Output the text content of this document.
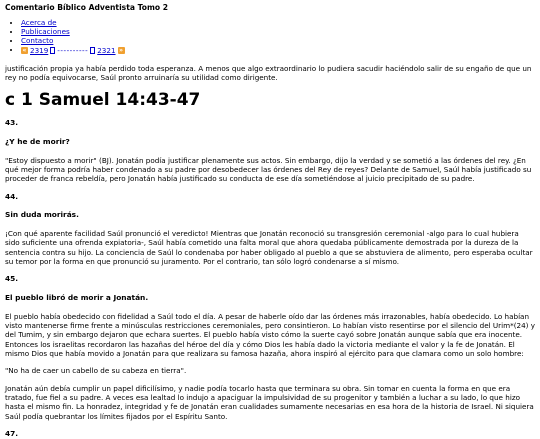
Comentario Bíblico Adventista Tomo 2
• Acerca de
• Publicaciones
• Contacto
• « 2319 ---------- 2321 »

justificación propia ya había perdido toda esperanza. A menos que algo extraordinario lo pudiera sacudir haciéndolo salir de su engaño de que un rey no podía equivocarse, Saúl pronto arruinaría su utilidad como dirigente.

c 1 Samuel 14:43-47
43.
¿Y he de morir?

"Estoy dispuesto a morir" (BJ). Jonatán podía justificar plenamente sus actos. Sin embargo, dijo la verdad y se sometió a las órdenes del rey. ¿En qué mejor forma podría haber condenado a su padre por desobedecer las órdenes del Rey de reyes? Delante de Samuel, Saúl había justificado su proceder de franca rebeldía, pero Jonatán había justificado su conducta de ese día sometiéndose al juicio precipitado de su padre.

44.
Sin duda morirás.

¡Con qué aparente facilidad Saúl pronunció el veredicto! Mientras que Jonatán reconoció su transgresión ceremonial -algo para lo cual hubiera sido suficiente una ofrenda expiatoria-, Saúl había cometido una falta moral que ahora quedaba públicamente demostrada por la dureza de la sentencia contra su hijo. La conciencia de Saúl lo condenaba por haber obligado al pueblo a que se abstuviera de alimento, pero esperaba ocultar su temor por la forma en que pronunció su juramento. Por el contrario, tan sólo logró condenarse a sí mismo.

45.
El pueblo libró de morir a Jonatán.

El pueblo había obedecido con fidelidad a Saúl todo el día. A pesar de haberle oído dar las órdenes más irrazonables, había obedecido. Lo habían visto mantenerse firme frente a minúsculas restricciones ceremoniales, pero consintieron. Lo habían visto resentirse por el silencio del Urim*(24) y del Tumim, y sin embargo dejaron que echara suertes. El pueblo había visto cómo la suerte cayó sobre Jonatán aunque sabía que era inocente. Entonces los israelitas recordaron las hazañas del héroe del día y cómo Dios les había dado la victoria mediante el valor y la fe de Jonatán. El mismo Dios que había movido a Jonatán para que realizara su famosa hazaña, ahora inspiró al ejército para que clamara como un solo hombre:

"No ha de caer un cabello de su cabeza en tierra".

Jonatán aún debía cumplir un papel dificilísimo, y nadie podía tocarlo hasta que terminara su obra. Sin tomar en cuenta la forma en que era tratado, fue fiel a su padre. A veces esa lealtad lo indujo a apaciguar la impulsividad de su progenitor y también a luchar a su lado, lo que hizo hasta el mismo fin. La honradez, integridad y fe de Jonatán eran cualidades sumamente necesarias en esa hora de la historia de Israel. Ni siquiera Saúl podía quebrantar los límites fijados por el Espíritu Santo.

47.
